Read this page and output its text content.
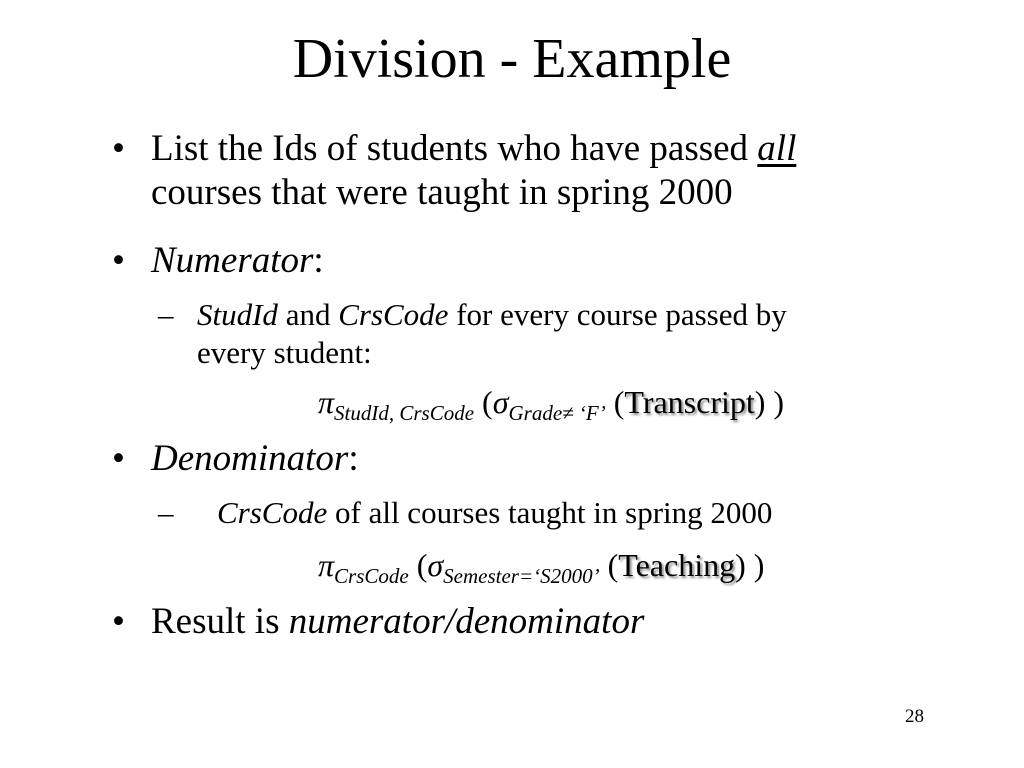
Division - Example
• List the Ids of students who have passed all
courses that were taught in spring 2000
• Numerator:
– StudId and CrsCode for every course passed by
every student:
$\pi_{StudId, CrsCode}$ ($\sigma_{Grade\ne ‘F’}$ (Transcript) )
• Denominator:
– CrsCode of all courses taught in spring 2000
$\pi_{CrsCode}$ ($\sigma_{Semester=‘S2000’}$ (Teaching) )
• Result is numerator/denominator
28
